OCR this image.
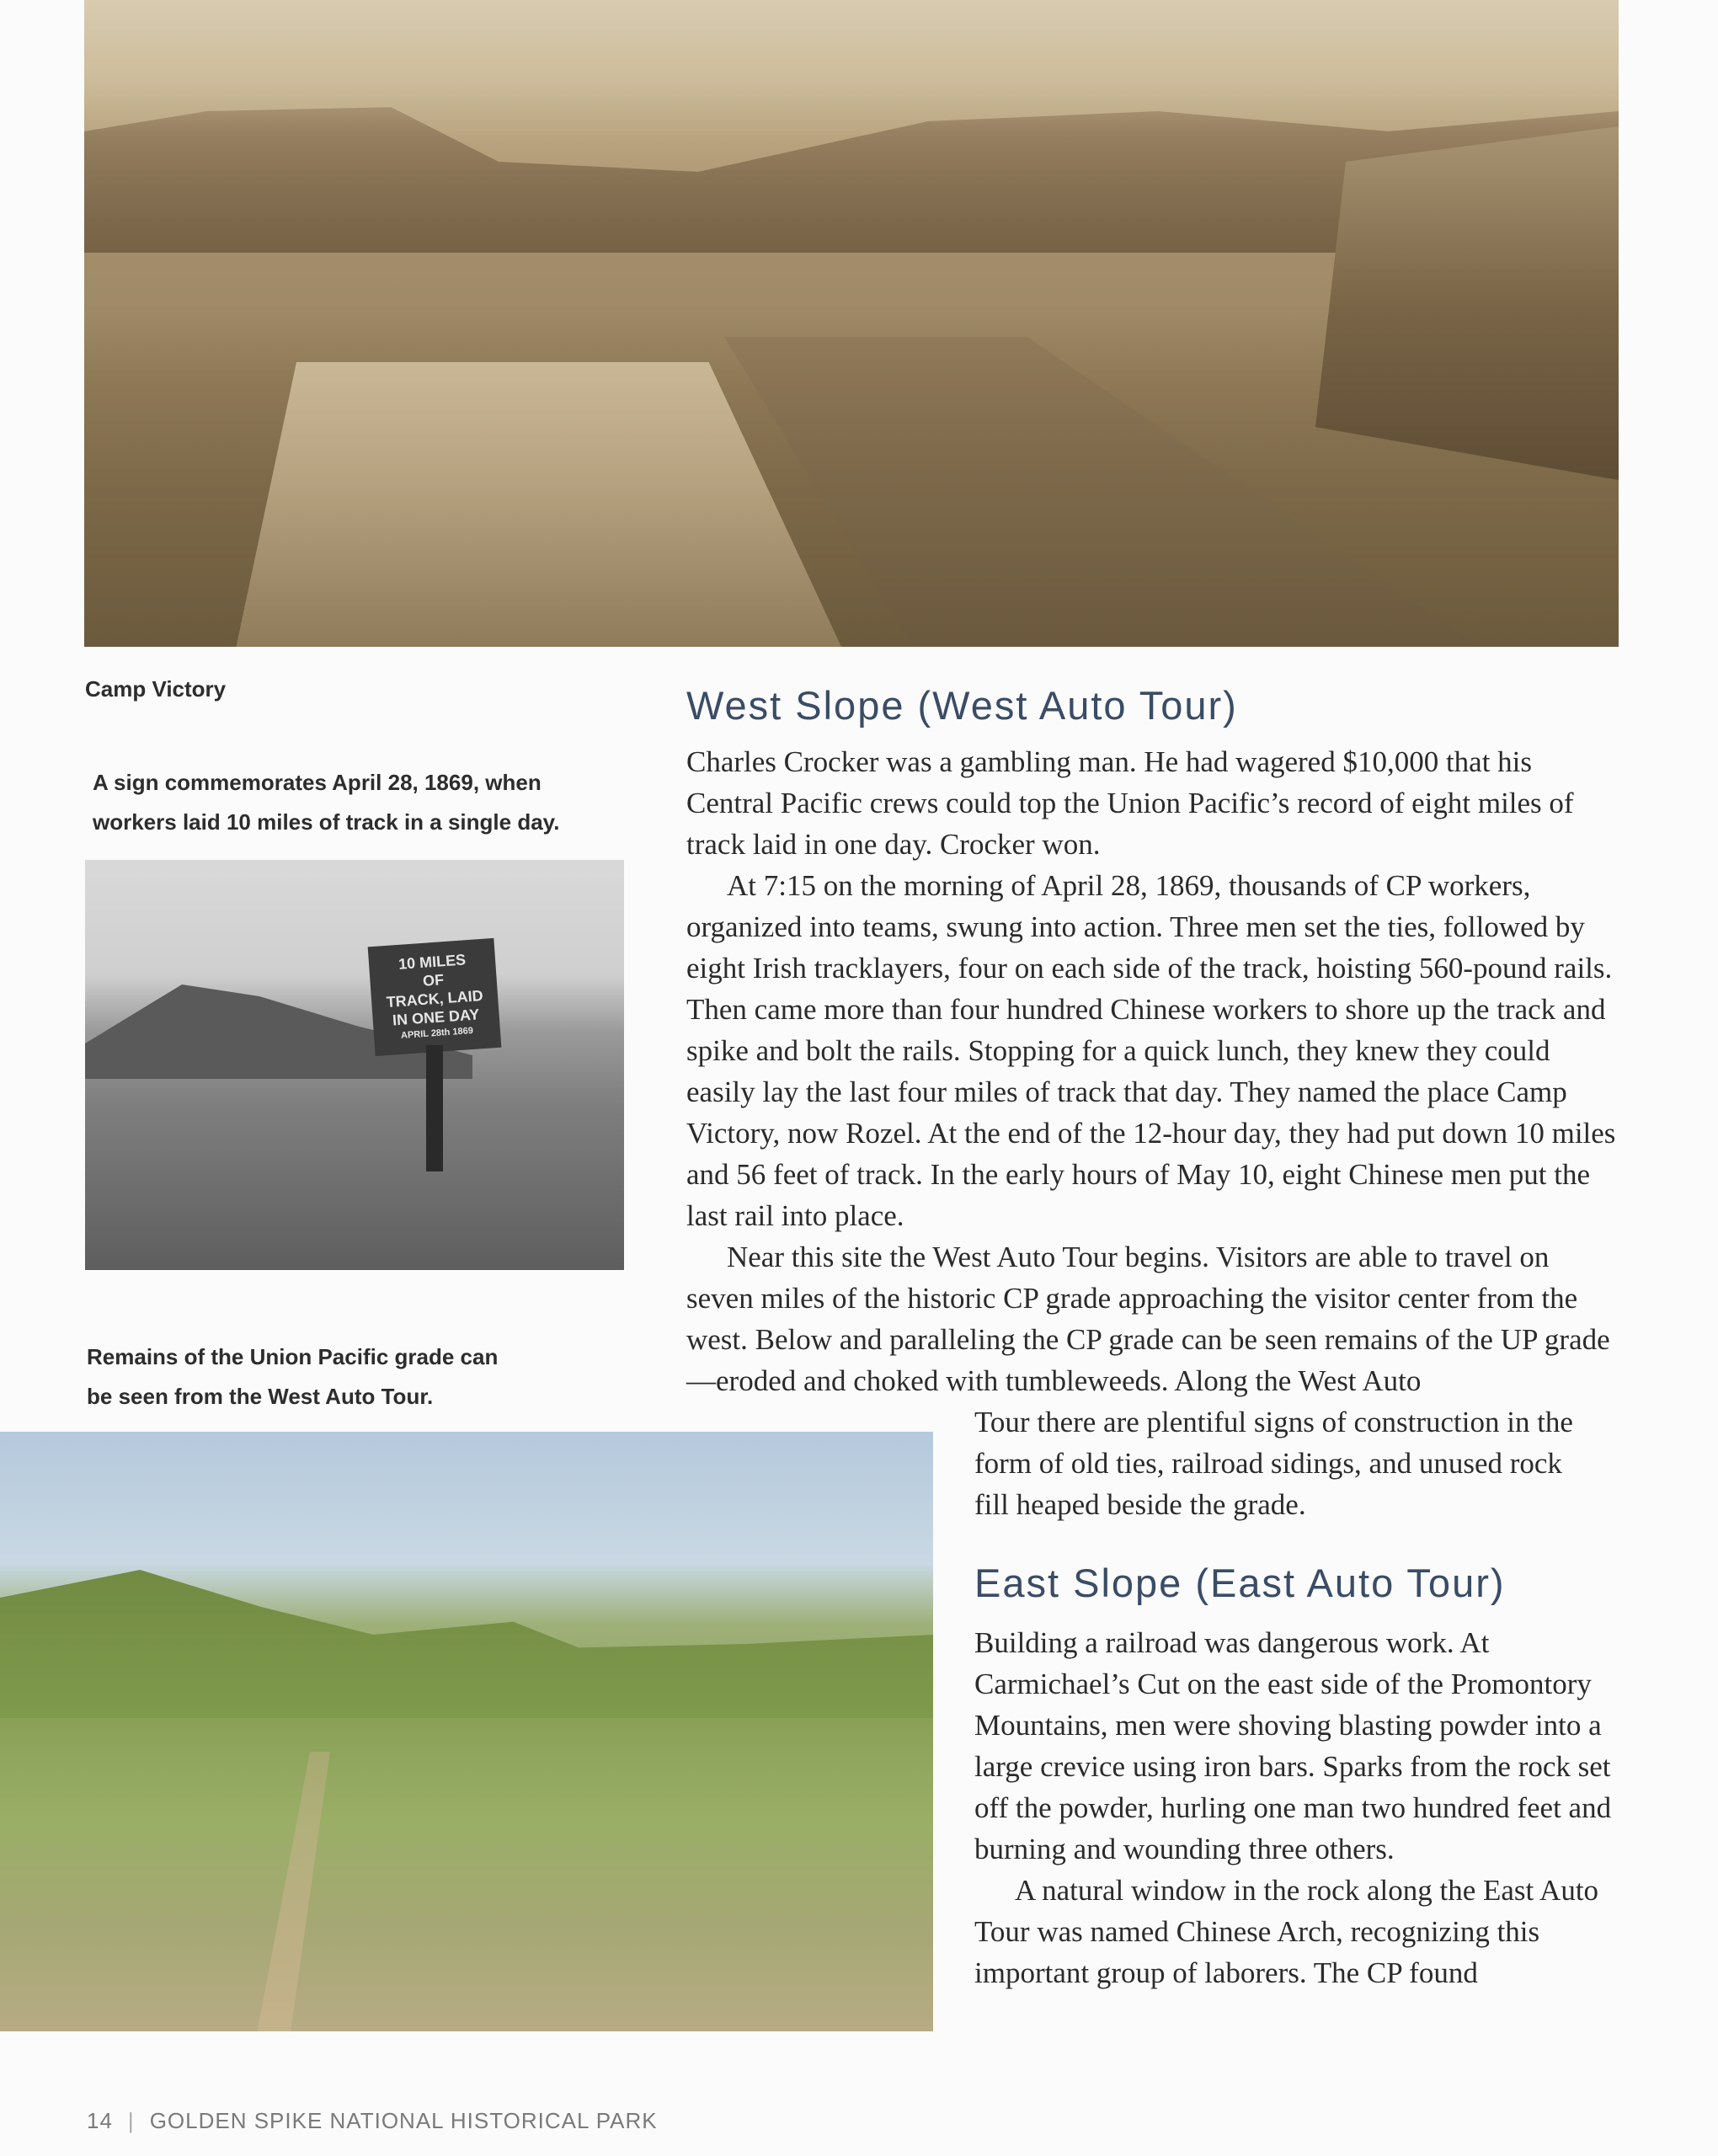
Camp Victory
A sign commemorates April 28, 1869, when workers laid 10 miles of track in a single day.
10 MILES
OF
TRACK, LAID
IN ONE DAY
APRIL 28th 1869
Remains of the Union Pacific grade can be seen from the West Auto Tour.
West Slope (West Auto Tour)

Charles Crocker was a gambling man. He had wagered $10,000 that his Central Pacific crews could top the Union Pacific’s record of eight miles of track laid in one day. Crocker won.

At 7:15 on the morning of April 28, 1869, thousands of CP workers, organized into teams, swung into action. Three men set the ties, followed by eight Irish tracklayers, four on each side of the track, hoisting 560-pound rails. Then came more than four hundred Chinese workers to shore up the track and spike and bolt the rails. Stopping for a quick lunch, they knew they could easily lay the last four miles of track that day. They named the place Camp Victory, now Rozel. At the end of the 12-hour day, they had put down 10 miles and 56 feet of track. In the early hours of May 10, eight Chinese men put the last rail into place.

Near this site the West Auto Tour begins. Visitors are able to travel on seven miles of the historic CP grade approaching the visitor center from the west. Below and paralleling the CP grade can be seen remains of the UP grade—eroded and choked with tumbleweeds. Along the West Auto

Tour there are plentiful signs of construction in the form of old ties, railroad sidings, and unused rock fill heaped beside the grade.

East Slope (East Auto Tour)

Building a railroad was dangerous work. At Carmichael’s Cut on the east side of the Promontory Mountains, men were shoving blasting powder into a large crevice using iron bars. Sparks from the rock set off the powder, hurling one man two hundred feet and burning and wounding three others.

A natural window in the rock along the East Auto Tour was named Chinese Arch, recognizing this important group of laborers. The CP found

14 | GOLDEN SPIKE NATIONAL HISTORICAL PARK
